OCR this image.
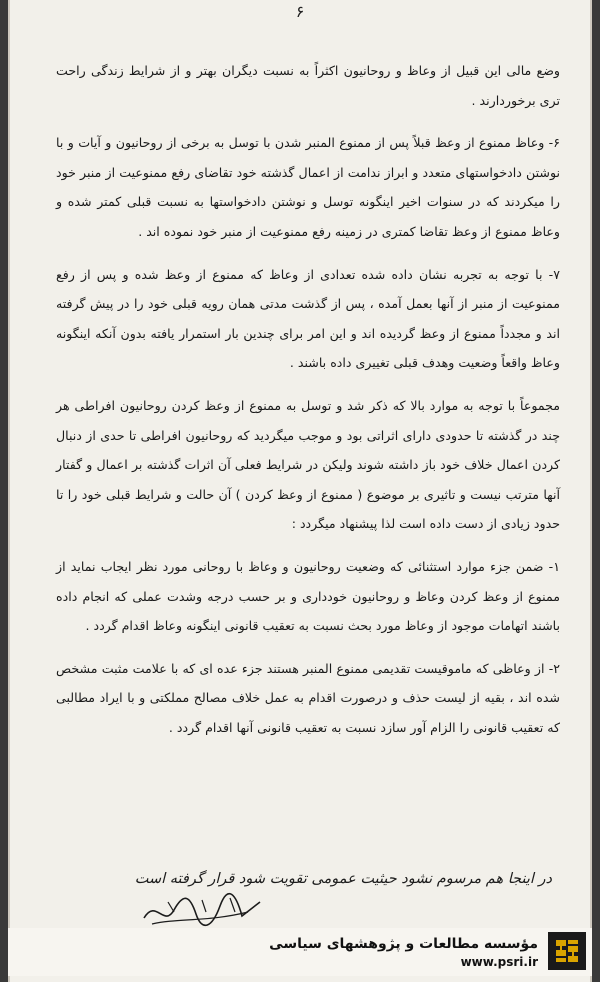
۶

وضع مالی این قبیل از وعاظ و روحانیون اکثراً به نسبت دیگران بهتر و از شرایط زندگی راحت تری برخوردارند .

۶- وعاظ ممنوع از وعظ قبلاً پس از ممنوع المنبر شدن با توسل به برخی از روحانیون و آیات و با نوشتن دادخواستهای متعدد و ابراز ندامت از اعمال گذشته خود تقاضای رفع ممنوعیت از منبر خود را میکردند که در سنوات اخیر اینگونه توسل و نوشتن دادخواستها به نسبت قبلی کمتر شده و وعاظ ممنوع از وعظ تقاضا کمتری در زمینه رفع ممنوعیت از منبر خود نموده اند .

۷- با توجه به تجربه نشان داده شده تعدادی از وعاظ که ممنوع از وعظ شده و پس از رفع ممنوعیت از منبر از آنها بعمل آمده ، پس از گذشت مدتی همان رویه قبلی خود را در پیش گرفته اند و مجدداً ممنوع از وعظ گردیده اند و این امر برای چندین بار استمرار یافته بدون آنکه اینگونه وعاظ واقعاً وضعیت وهدف قبلی تغییری داده باشند .

مجموعاً با توجه به موارد بالا که ذکر شد و توسل به ممنوع از وعظ کردن روحانیون افراطی هر چند در گذشته تا حدودی دارای اثراتی بود و موجب میگردید که روحانیون افراطی تا حدی از دنبال کردن اعمال خلاف خود باز داشته شوند ولیکن در شرایط فعلی آن اثرات گذشته بر اعمال و گفتار آنها مترتب نیست و تاثیری بر موضوع ( ممنوع از وعظ کردن ) آن حالت و شرایط قبلی خود را تا حدود زیادی از دست داده است لذا پیشنهاد میگردد :

۱- ضمن جزء موارد استثنائی که وضعیت روحانیون و وعاظ با روحانی مورد نظر ایجاب نماید از ممنوع از وعظ کردن وعاظ و روحانیون خودداری و بر حسب درجه وشدت عملی که انجام داده باشند اتهامات موجود از وعاظ مورد بحث نسبت به تعقیب قانونی اینگونه وعاظ اقدام گردد .

۲- از وعاظی که ماموقیست تقدیمی ممنوع المنبر هستند جزء عده ای که با علامت مثبت مشخص شده اند ، بقیه از لیست حذف و درصورت اقدام به عمل خلاف مصالح مملکتی و با ایراد مطالبی که تعقیب قانونی را الزام آور سازد نسبت به تعقیب قانونی آنها اقدام گردد .

در اینجا هم مرسوم نشود حیثیت عمومی تقویت شود قرار گرفته است
مؤسسه مطالعات و پژوهشهای سیاسی
www.psri.ir
